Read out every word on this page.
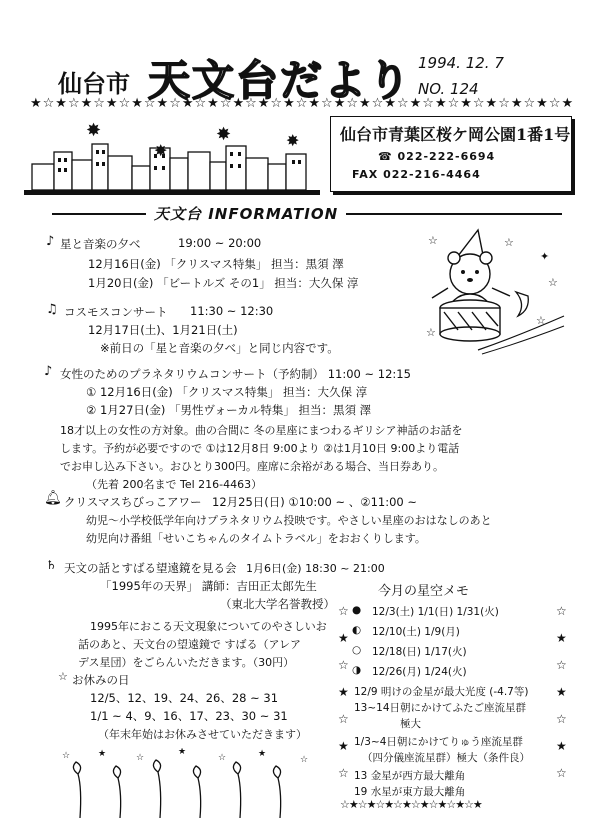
仙台市 天文台だより 1994. 12. 7
NO. 124
★☆★☆★☆★☆★☆★☆★☆★☆★☆★☆★☆★☆★☆★☆★☆★☆★☆★☆★☆★☆★☆★
✸
✸
✸	✸	仙台市青葉区桜ケ岡公園1番1号
☎ 022-222-6694
FAX 022-216-4464
天文台 INFORMATION
☆
☆
✦
☆
☆
☆
♪ 星と音楽の夕べ	19:00 ~ 20:00
12月16日(金) 「クリスマス特集」 担当：黒須 澤
1月20日(金) 「ビートルズ その1」 担当：大久保 淳
♫ コスモスコンサート 11:30 ~ 12:30
12月17日(土)、1月21日(土)
※前日の「星と音楽の夕べ」と同じ内容です。
♪ 女性のためのプラネタリウムコンサート（予約制） 11:00 ~ 12:15
① 12月16日(金) 「クリスマス特集」 担当：大久保 淳
② 1月27日(金) 「男性ヴォーカル特集」 担当：黒須 澤
18才以上の女性の方対象。曲の合間に 冬の星座にまつわるギリシア神話のお話を
します。予約が必要ですので ①は12月8日 9:00より ②は1月10日 9:00より電話
でお申し込み下さい。おひとり300円。座席に余裕がある場合、当日券あり。
（先着 200名まで Tel 216-4463）
🔔︎ クリスマスちびっこアワー 12月25日(日) ①10:00 ~ 、②11:00 ~
幼児～小学校低学年向けプラネタリウム投映です。やさしい星座のおはなしのあと
幼児向け番組「せいこちゃんのタイムトラベル」をおおくりします。
♄ 天文の話とすばる望遠鏡を見る会 1月6日(金) 18:30 ~ 21:00
「1995年の天界」 講師：吉田正太郎先生
（東北大学名誉教授）
1995年におこる天文現象についてのやさしいお
話のあと、天文台の望遠鏡で すばる（アレア
デス星団）をごらんいただきます。（30円）
☆ お休みの日
12/5、12、19、24、26、28 ~ 31
1/1 ~ 4、9、16、17、23、30 ~ 31
（年末年始はお休みさせていただきます）
☆	★	☆
★
☆	★
☆
今月の星空メモ
☆★☆★☆★☆
☆★☆★☆★☆
● 12/3(土) 1/1(日) 1/31(火)
◐ 12/10(土) 1/9(月)
○ 12/18(日) 1/17(火)
◑ 12/26(月) 1/24(火)
12/9 明けの金星が最大光度 (-4.7等)
13~14日朝にかけてふたご座流星群
極大
1/3~4日朝にかけてりゅう座流星群
（四分儀座流星群）極大（条件良）
13 金星が西方最大離角
19 水星が東方最大離角
☆★☆★☆★☆★☆★☆★☆★☆★
